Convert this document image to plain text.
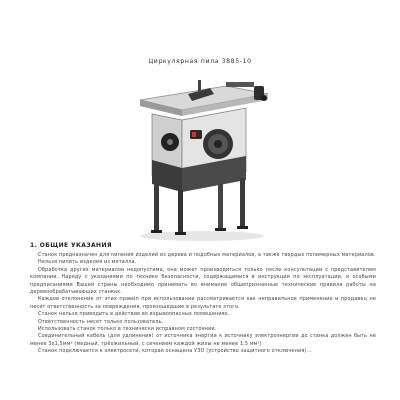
Циркулярная пила 3885-10
1. ОБЩИЕ УКАЗАНИЯ

Станок предназначен для пиления изделий из дерева и подобных материалов, а также твердых полимерных материалов.

Нельзя пилить изделия из металла.

Обработка других материалов недопустима, она может производиться только после консультации с представителем компании. Наряду с указаниями по технике безопасности, содержащимися в инструкции по эксплуатации, и особыми предписаниями Вашей страны необходимо принимать во внимание общепризнанные технические правила работы на деревообрабатывающих станках.

Каждое отклонение от этих правил при использовании рассматривается как неправильное применение и продавец не несет ответственность за повреждения, произошедшие в результате этого.

Станок нельзя приводить в действие во взрывоопасных помещениях.

Ответственность несет только пользователь.

Использовать станок только в технически исправном состоянии.

Соединительный кабель (для удлинения) от источника энергии к источнику электроэнергии до станка должен быть не менее 3х1,5мм² (медный, трёхжильный, с сечением каждой жилы не менее 1,5 мм²)

Станок подключается к электросети, которая оснащена УЗО (устройство защитного отключения)...
